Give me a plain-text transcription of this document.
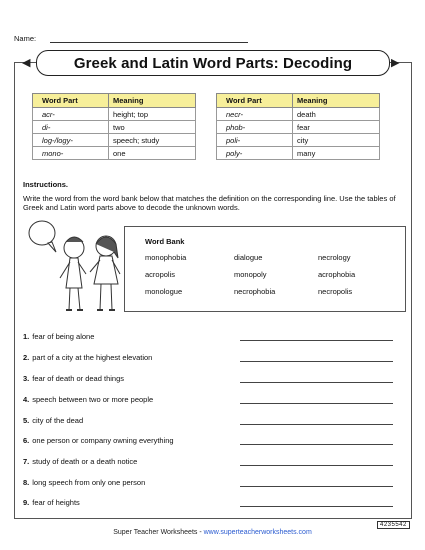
Name:
◀	▶
Greek and Latin Word Parts: Decoding
Word Part	Meaning
acr-	height; top
di-	two
log-/logy-	speech; study
mono-	one
Word Part	Meaning
necr-	death
phob-	fear
poli-	city
poly-	many
Instructions.
Write the word from the word bank below that matches the definition on the corresponding line. Use the tables of Greek and Latin word parts above to decode the unknown words.
Word Bank
monophobia	dialogue	necrology
acropolis	monopoly	acrophobia
monologue	necrophobia	necropolis
1. fear of being alone
2. part of a city at the highest elevation
3. fear of death or dead things
4. speech between two or more people
5. city of the dead
6. one person or company owning everything
7. study of death or a death notice
8. long speech from only one person
9. fear of heights
4235542
Super Teacher Worksheets - www.superteacherworksheets.com
